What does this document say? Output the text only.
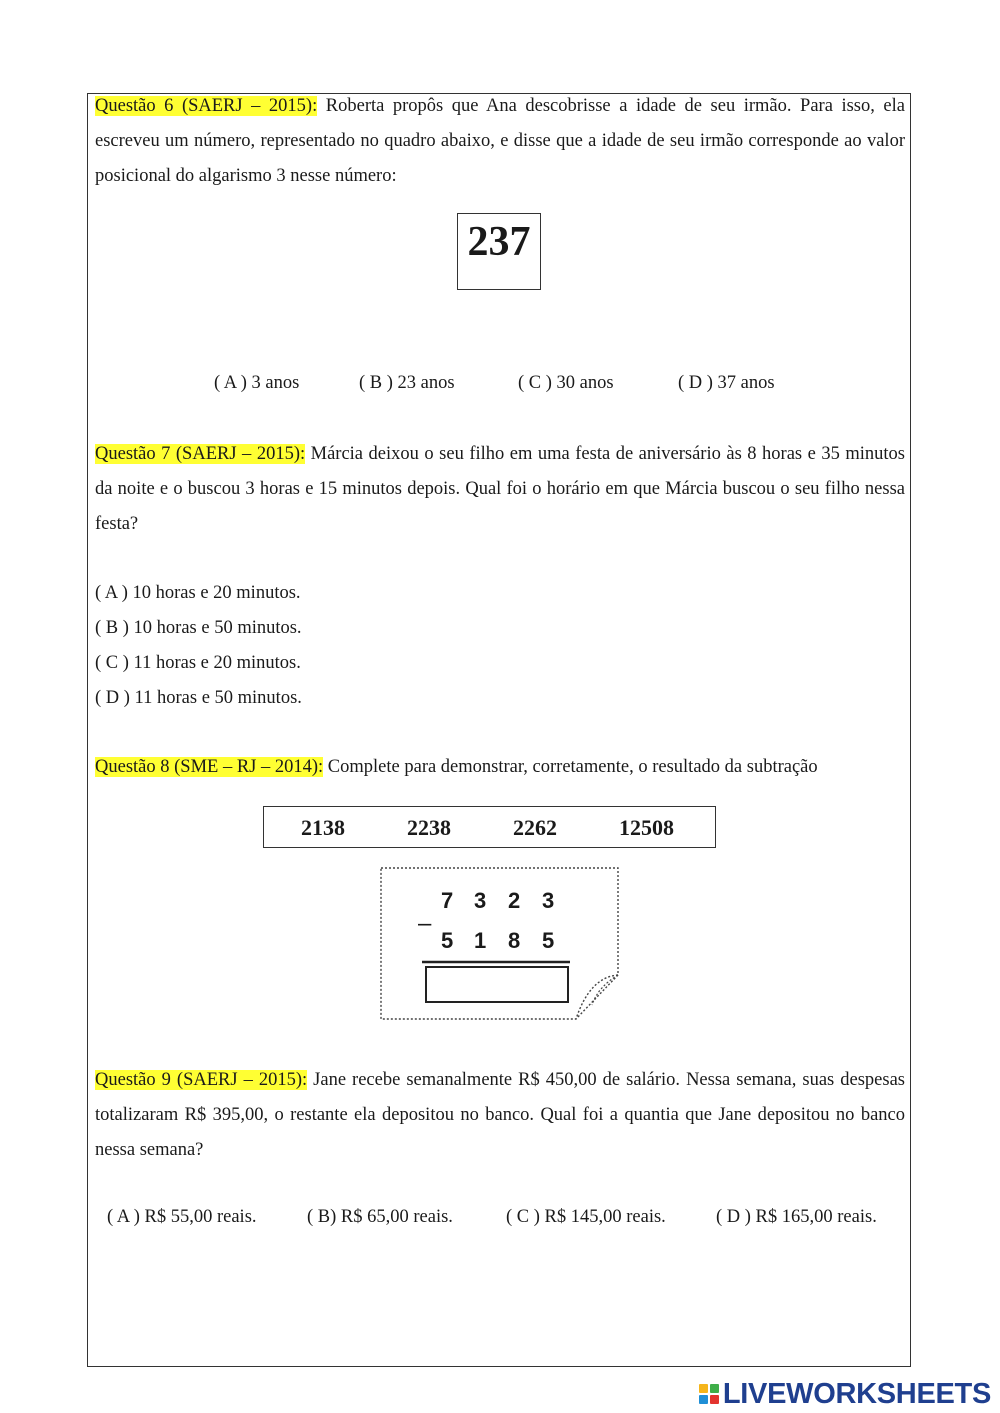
Questão 6 (SAERJ – 2015): Roberta propôs que Ana descobrisse a idade de seu irmão. Para isso, ela escreveu um número, representado no quadro abaixo, e disse que a idade de seu irmão corresponde ao valor posicional do algarismo 3 nesse número:

237
( A ) 3 anos	( B ) 23 anos	( C ) 30 anos	( D ) 37 anos

Questão 7 (SAERJ – 2015): Márcia deixou o seu filho em uma festa de aniversário às 8 horas e 35 minutos da noite e o buscou 3 horas e 15 minutos depois. Qual foi o horário em que Márcia buscou o seu filho nessa festa?

( A ) 10 horas e 20 minutos.
( B ) 10 horas e 50 minutos.
( C ) 11 horas e 20 minutos.
( D ) 11 horas e 50 minutos.

Questão 8 (SME – RJ – 2014): Complete para demonstrar, corretamente, o resultado da subtração

2138	2238	2262	12508
7 3 2 3
–
5 1 8 5

Questão 9 (SAERJ – 2015): Jane recebe semanalmente R$ 450,00 de salário. Nessa semana, suas despesas totalizaram R$ 395,00, o restante ela depositou no banco. Qual foi a quantia que Jane depositou no banco nessa semana?

( A ) R$ 55,00 reais.	( B) R$ 65,00 reais.	( C ) R$ 145,00 reais.	( D ) R$ 165,00 reais.
LIVEWORKSHEETS
